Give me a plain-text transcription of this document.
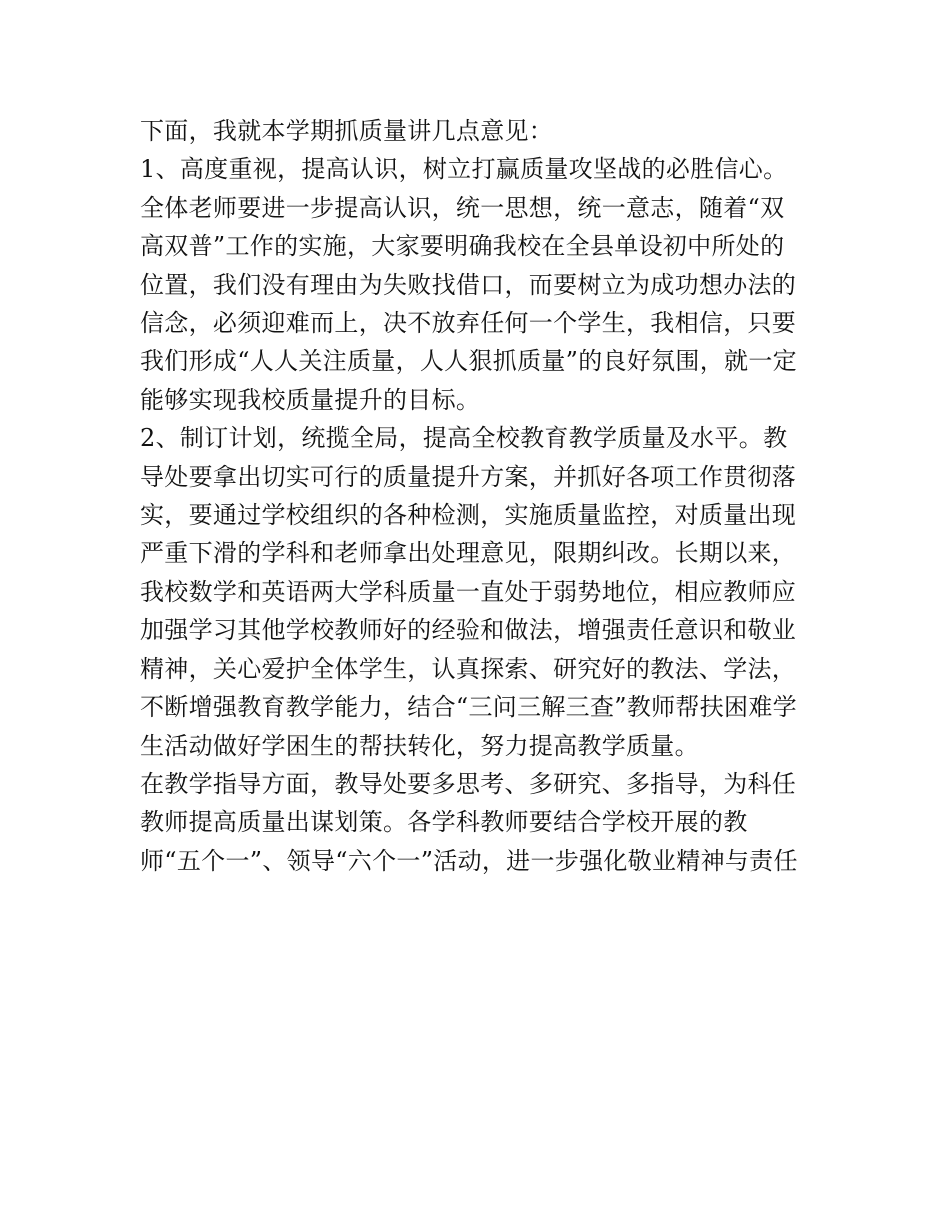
下面，我就本学期抓质量讲几点意见：

1、高度重视，提高认识，树立打赢质量攻坚战的必胜信心。

全体老师要进一步提高认识，统一思想，统一意志，随着“双

高双普”工作的实施，大家要明确我校在全县单设初中所处的

位置，我们没有理由为失败找借口，而要树立为成功想办法的

信念，必须迎难而上，决不放弃任何一个学生，我相信，只要

我们形成“人人关注质量，人人狠抓质量”的良好氛围，就一定

能够实现我校质量提升的目标。

2、制订计划，统揽全局，提高全校教育教学质量及水平。教

导处要拿出切实可行的质量提升方案，并抓好各项工作贯彻落

实，要通过学校组织的各种检测，实施质量监控，对质量出现

严重下滑的学科和老师拿出处理意见，限期纠改。长期以来，

我校数学和英语两大学科质量一直处于弱势地位，相应教师应

加强学习其他学校教师好的经验和做法，增强责任意识和敬业

精神，关心爱护全体学生，认真探索、研究好的教法、学法，

不断增强教育教学能力，结合“三问三解三查”教师帮扶困难学

生活动做好学困生的帮扶转化，努力提高教学质量。

在教学指导方面，教导处要多思考、多研究、多指导，为科任

教师提高质量出谋划策。各学科教师要结合学校开展的教

师“五个一”、领导“六个一”活动，进一步强化敬业精神与责任
